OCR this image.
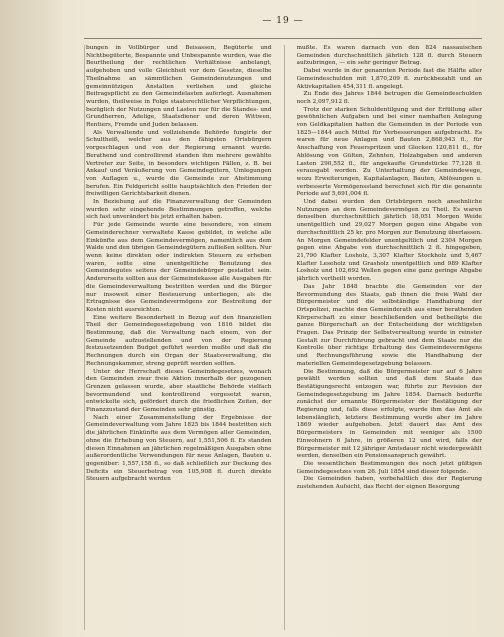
— 19 —

bungen in Vollbürger und Beisassen, Begüterte und Nichtbegüterte, Bespannte und Unbespannte wurden, was die Beurtheilung der rechtlichen Verhältnisse anbelangt, aufgehoben und volle Gleichheit vor dem Gesetze, dieselbe Theilnahme an sämmtlichen Gemeindenutzungen und gemeinnützigen Anstalten verliehen und gleiche Beitragspflicht zu den Gemeindelasten auferlegt. Ausnahmen wurden, theilweise in Folge staatsrechtlicher Verpflichtungen, bezüglich der Nutzungen und Lasten nur für die Standes- und Grundherren, Adelige, Staatsdiener und deren Wittwen, Rentiers, Fremde und Juden belassen.

Als Verwaltende und vollziehende Behörde fungirte der Schultheiß, welcher aus den fähigsten Ortsbürgern vorgeschlagen und von der Regierung ernannt wurde. Berathend und controllirend standen ihm mehrere gewählte Vertreter zur Seite, in besonders wichtigen Fällen, z. B. bei Ankauf und Veräußerung von Gemeindegütern, Umlegungen von Auflagen u., wurde die Gemeinde zur Abstimmung berufen. Ein Feldgericht sollte hauptsächlich den Frieden der freiwilligen Gerichtsbarkeit dienen.

In Beziehung auf die Finanzverwaltung der Gemeinden wurden sehr eingehende Bestimmungen getroffen, welche sich fast unverändert bis jetzt erhalten haben.

Für jede Gemeinde wurde eine besondere, von einem Gemeinderechner verwaltete Kasse gebildet, in welche alle Einkünfte aus dem Gemeindevermögen, namentlich aus dem Walde und den übrigen Gemeindegütern zufließen sollten. Nur wenn keine direkten oder indirekten Steuern zu erheben waren, sollte eine unentgeltliche Benutzung des Gemeindegutes seitens der Gemeindebürger gestattet sein. Andererseits sollten aus der Gemeindekasse alle Ausgaben für die Gemeindeverwaltung bestritten werden und die Bürger nur insoweit einer Besteuerung unterliegen, als die Ertragnisse des Gemeindevermögens zur Bestreitung der Kosten nicht ausreichten.

Eine weitere Besonderheit in Bezug auf den finanziellen Theil der Gemeindegesetzgebung von 1816 bildet die Bestimmung, daß die Verwaltung nach einem, von der Gemeinde aufzustellenden und von der Regierung festzusetzenden Budget geführt werden mußte und daß die Rechnungen durch ein Organ der Staatsverwaltung, die Rechnungskammer, streng geprüft werden sollten.

Unter der Herrschaft dieses Gemeindegesetzes, wonach den Gemeinden zwar freie Aktion innerhalb der gezogenen Grenzen gelassen wurde, aber staatliche Behörde vielfach bevormundend und kontrollirend vorgesetzt waren, entwickelte sich, gefördert durch die friedlichen Zeiten, der Finanzzustand der Gemeinden sehr günstig.

Nach einer Zusammenstellung der Ergebnisse der Gemeindeverwaltung vom Jahre 1825 bis 1844 bestritten sich die jährlichen Einkünfte aus dem Vermögen aller Gemeinden, ohne die Erhebung von Steuern, auf 1,551,506 fl. Es standen diesen Einnahmen an jährlichen regelmäßigen Ausgaben ohne außerordentliche Verwendungen für neue Anlagen, Bauten u. gegenüber: 1,557,158 fl., so daß schließlich zur Deckung des Deficits ein Steuerbetrag von 105,908 fl. durch direkte Steuern aufgebracht werden

mußte. Es waren darnach von den 824 nassauischen Gemeinden durchschnittlich jährlich 128 fl. durch Steuern aufzubringen, — ein sehr geringer Betrag.

Dabei wurde in der genannten Periode fast die Hälfte aller Gemeindeschulden mit 1,870,209 fl. zurückbezahlt und an Aktivkapitalien 454,311 fl. angelegt.

Zu Ende des Jahres 1844 betrugen die Gemeindeschulden noch 2,097,912 fl.

Trotz der starken Schuldentilgung und der Erfüllung aller gewöhnlichen Aufgaben und bei einer namhaften Anlegung von Geldkapitalien hatten die Gemeinden in der Periode von 1825—1844 auch Mittel für Verbesserungen aufgebracht. Es waren für neue Anlagen und Bauten 2,868,943 fl., für Anschaffung von Feuerspritzen und Glocken 120,811 fl., für Ablösung von Gülten, Zehnten, Holzabgaben und anderen Lasten 290,552 fl., für angekaufte Grundstücke 77,128 fl. verausgabt worden. Zu Unterhaltung der Gemeindewege, wozu Erweiterungen, Kapitalanlagen, Bauten, Ablösungen u. verbesserte Vermögensstand berechnet sich für die genannte Periode auf 5,691,004 fl.

Und dabei wurden den Ortsbürgern noch ansehnliche Nutzungen an dem Gemeindevermögen zu Theil. Es waren denselben durchschnittlich jährlich 18,051 Morgen Weide unentgeltlich und 29,027 Morgen gegen eine Abgabe von durchschnittlich 25 kr. pro Morgen zur Benutzung überlassen. An Morgen Gemeindefelder unentgeltlich und 2304 Morgen gegen eine Abgabe von durchschnittlich 2 fl. hingegeben, 21,790 Klafter Losholz, 3,307 Klafter Stockholz und 5,467 Klafter Leseholz und Grasholz unentgeltlich und 989 Klafter Losholz und 102,692 Wellen gegen eine ganz geringe Abgabe jährlich vertheilt worden.

Das Jahr 1848 brachte die Gemeinden vor der Bevormundung des Staats, gab ihnen die freie Wahl der Bürgermeister und die selbständige Handhabung der Ortspolizei, machte den Gemeinderath aus einer berathenden Körperschaft zu einer beschließenden und betheiligte die ganze Bürgerschaft an der Entscheidung der wichtigsten Fragen. Das Prinzip der Selbstverwaltung wurde in reinster Gestalt zur Durchführung gebracht und dem Staate nur die Kontrolle über richtige Erhaltung des Gemeindevermögens und Rechnungsführung sowie die Handhabung der materiellen Gemeindegesetzgebung belassen.

Die Bestimmung, daß die Bürgermeister nur auf 6 Jahre gewählt werden sollten und daß dem Staate das Bestätigungsrecht entzogen war, führte zur Revision der Gemeindegesetzgebung im Jahre 1854. Darnach bedurfte zunächst der ernannte Bürgermeister der Bestätigung der Regierung und, falls diese erfolgte, wurde ihm das Amt als lebenslänglich, letztere Bestimmung wurde aber im Jahre 1869 wieder aufgehoben. Jetzt dauert das Amt des Bürgermeisters in Gemeinden mit weniger als 1500 Einwohnern 6 Jahre, in größeren 12 und wird, falls der Bürgermeister mit 12 jähriger Amtsdauer nicht wiedergewählt werden, denselben ein Pensionsanspruch gewährt.

Die wesentlichen Bestimmungen des noch jetzt gültigen Gemeindegesetzes vom 26. Juli 1854 sind dieser folgende.

Die Gemeinden haben, vorbehaltlich des der Regierung zustehenden Aufsicht, das Recht der eignen Besorgung
